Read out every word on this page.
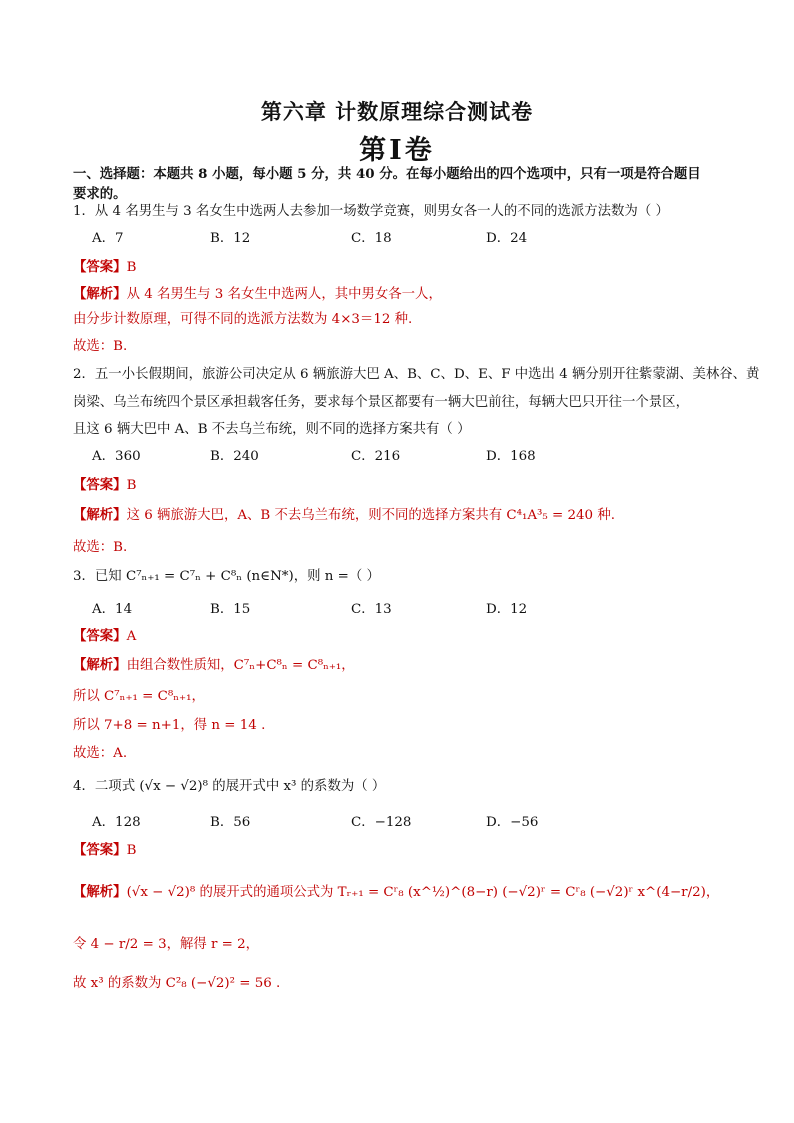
第六章 计数原理综合测试卷
第Ⅰ卷
一、选择题：本题共 8 小题，每小题 5 分，共 40 分。在每小题给出的四个选项中，只有一项是符合题目
要求的。
1．从 4 名男生与 3 名女生中选两人去参加一场数学竞赛，则男女各一人的不同的选派方法数为（ ）
A．7	B．12	C．18	D．24
【答案】B
【解析】从 4 名男生与 3 名女生中选两人，其中男女各一人，
由分步计数原理，可得不同的选派方法数为 4×3＝12 种.
故选：B.
2．五一小长假期间，旅游公司决定从 6 辆旅游大巴 A、B、C、D、E、F 中选出 4 辆分别开往紫蒙湖、美林谷、黄
岗梁、乌兰布统四个景区承担载客任务，要求每个景区都要有一辆大巴前往，每辆大巴只开往一个景区，
且这 6 辆大巴中 A、B 不去乌兰布统，则不同的选择方案共有（ ）
A．360	B．240	C．216	D．168
【答案】B
【解析】这 6 辆旅游大巴，A、B 不去乌兰布统，则不同的选择方案共有 C⁴₁A³₅ = 240 种.
故选：B.
3．已知 C⁷ₙ₊₁ = C⁷ₙ + C⁸ₙ (n∈N*)，则 n =（ ）
A．14	B．15	C．13	D．12
【答案】A
【解析】由组合数性质知，C⁷ₙ+C⁸ₙ = C⁸ₙ₊₁，
所以 C⁷ₙ₊₁ = C⁸ₙ₊₁，
所以 7+8 = n+1，得 n = 14 .
故选：A.
4．二项式 (√x − √2)⁸ 的展开式中 x³ 的系数为（ ）
A．128	B．56	C．−128	D．−56
【答案】B
【解析】(√x − √2)⁸ 的展开式的通项公式为 Tᵣ₊₁ = Cʳ₈ (x^½)^(8−r) (−√2)ʳ = Cʳ₈ (−√2)ʳ x^(4−r/2)，
令 4 − r/2 = 3，解得 r = 2，
故 x³ 的系数为 C²₈ (−√2)² = 56 .
